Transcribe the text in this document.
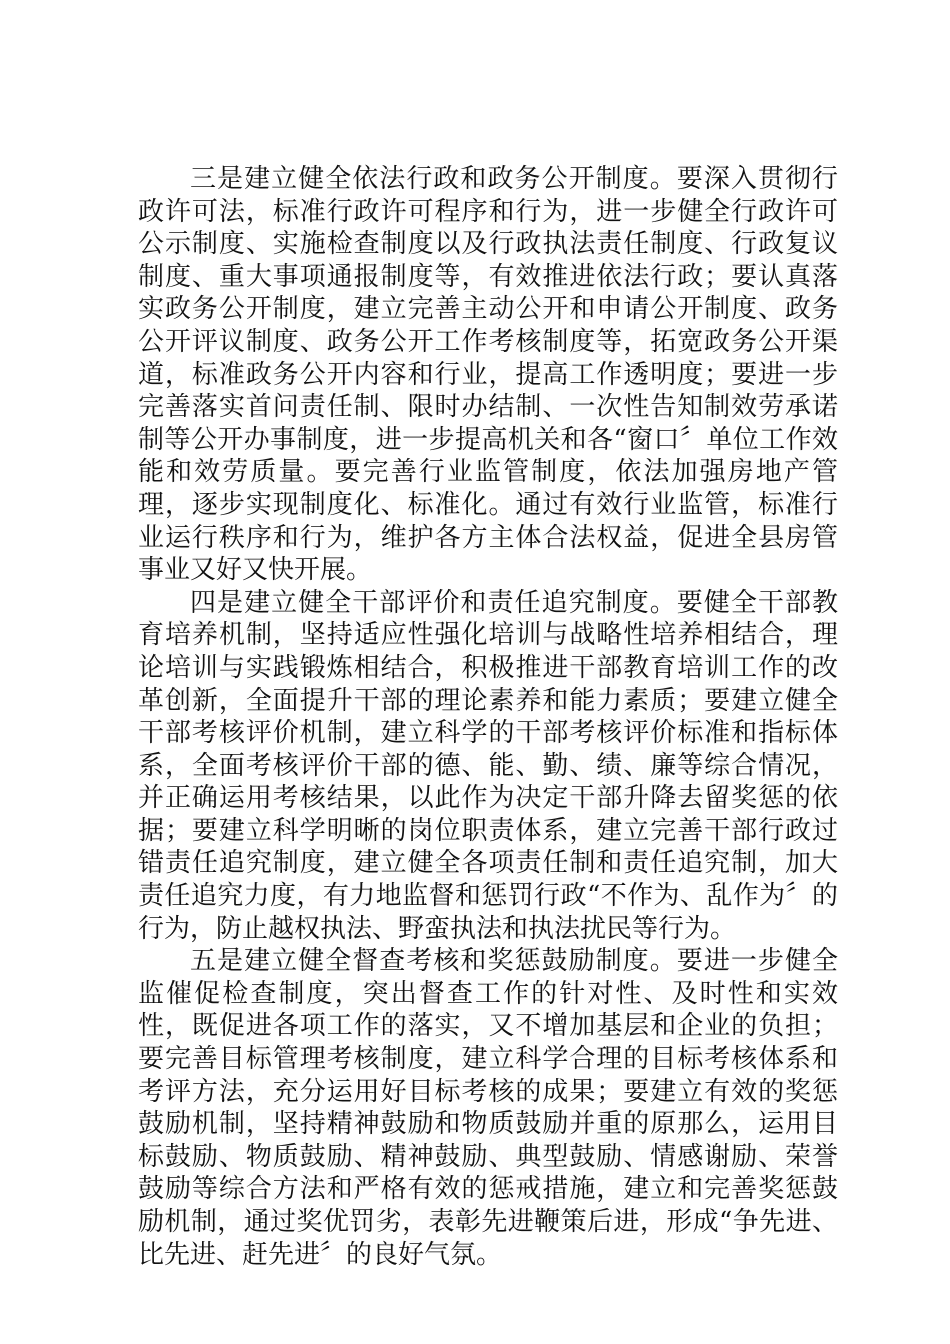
三是建立健全依法行政和政务公开制度。要深入贯彻行政许可法，标准行政许可程序和行为，进一步健全行政许可公示制度、实施检查制度以及行政执法责任制度、行政复议制度、重大事项通报制度等，有效推进依法行政；要认真落实政务公开制度，建立完善主动公开和申请公开制度、政务公开评议制度、政务公开工作考核制度等，拓宽政务公开渠道，标准政务公开内容和行业，提高工作透明度；要进一步完善落实首问责任制、限时办结制、一次性告知制效劳承诺制等公开办事制度，进一步提高机关和各“窗口〞单位工作效能和效劳质量。要完善行业监管制度，依法加强房地产管理，逐步实现制度化、标准化。通过有效行业监管，标准行业运行秩序和行为，维护各方主体合法权益，促进全县房管事业又好又快开展。

四是建立健全干部评价和责任追究制度。要健全干部教育培养机制，坚持适应性强化培训与战略性培养相结合，理论培训与实践锻炼相结合，积极推进干部教育培训工作的改革创新，全面提升干部的理论素养和能力素质；要建立健全干部考核评价机制，建立科学的干部考核评价标准和指标体系，全面考核评价干部的德、能、勤、绩、廉等综合情况，并正确运用考核结果，以此作为决定干部升降去留奖惩的依据；要建立科学明晰的岗位职责体系，建立完善干部行政过错责任追究制度，建立健全各项责任制和责任追究制，加大责任追究力度，有力地监督和惩罚行政“不作为、乱作为〞的行为，防止越权执法、野蛮执法和执法扰民等行为。

五是建立健全督查考核和奖惩鼓励制度。要进一步健全监催促检查制度，突出督查工作的针对性、及时性和实效性，既促进各项工作的落实，又不增加基层和企业的负担；要完善目标管理考核制度，建立科学合理的目标考核体系和考评方法，充分运用好目标考核的成果；要建立有效的奖惩鼓励机制，坚持精神鼓励和物质鼓励并重的原那么，运用目标鼓励、物质鼓励、精神鼓励、典型鼓励、情感谢励、荣誉鼓励等综合方法和严格有效的惩戒措施，建立和完善奖惩鼓励机制，通过奖优罚劣，表彰先进鞭策后进，形成“争先进、比先进、赶先进〞的良好气氛。
